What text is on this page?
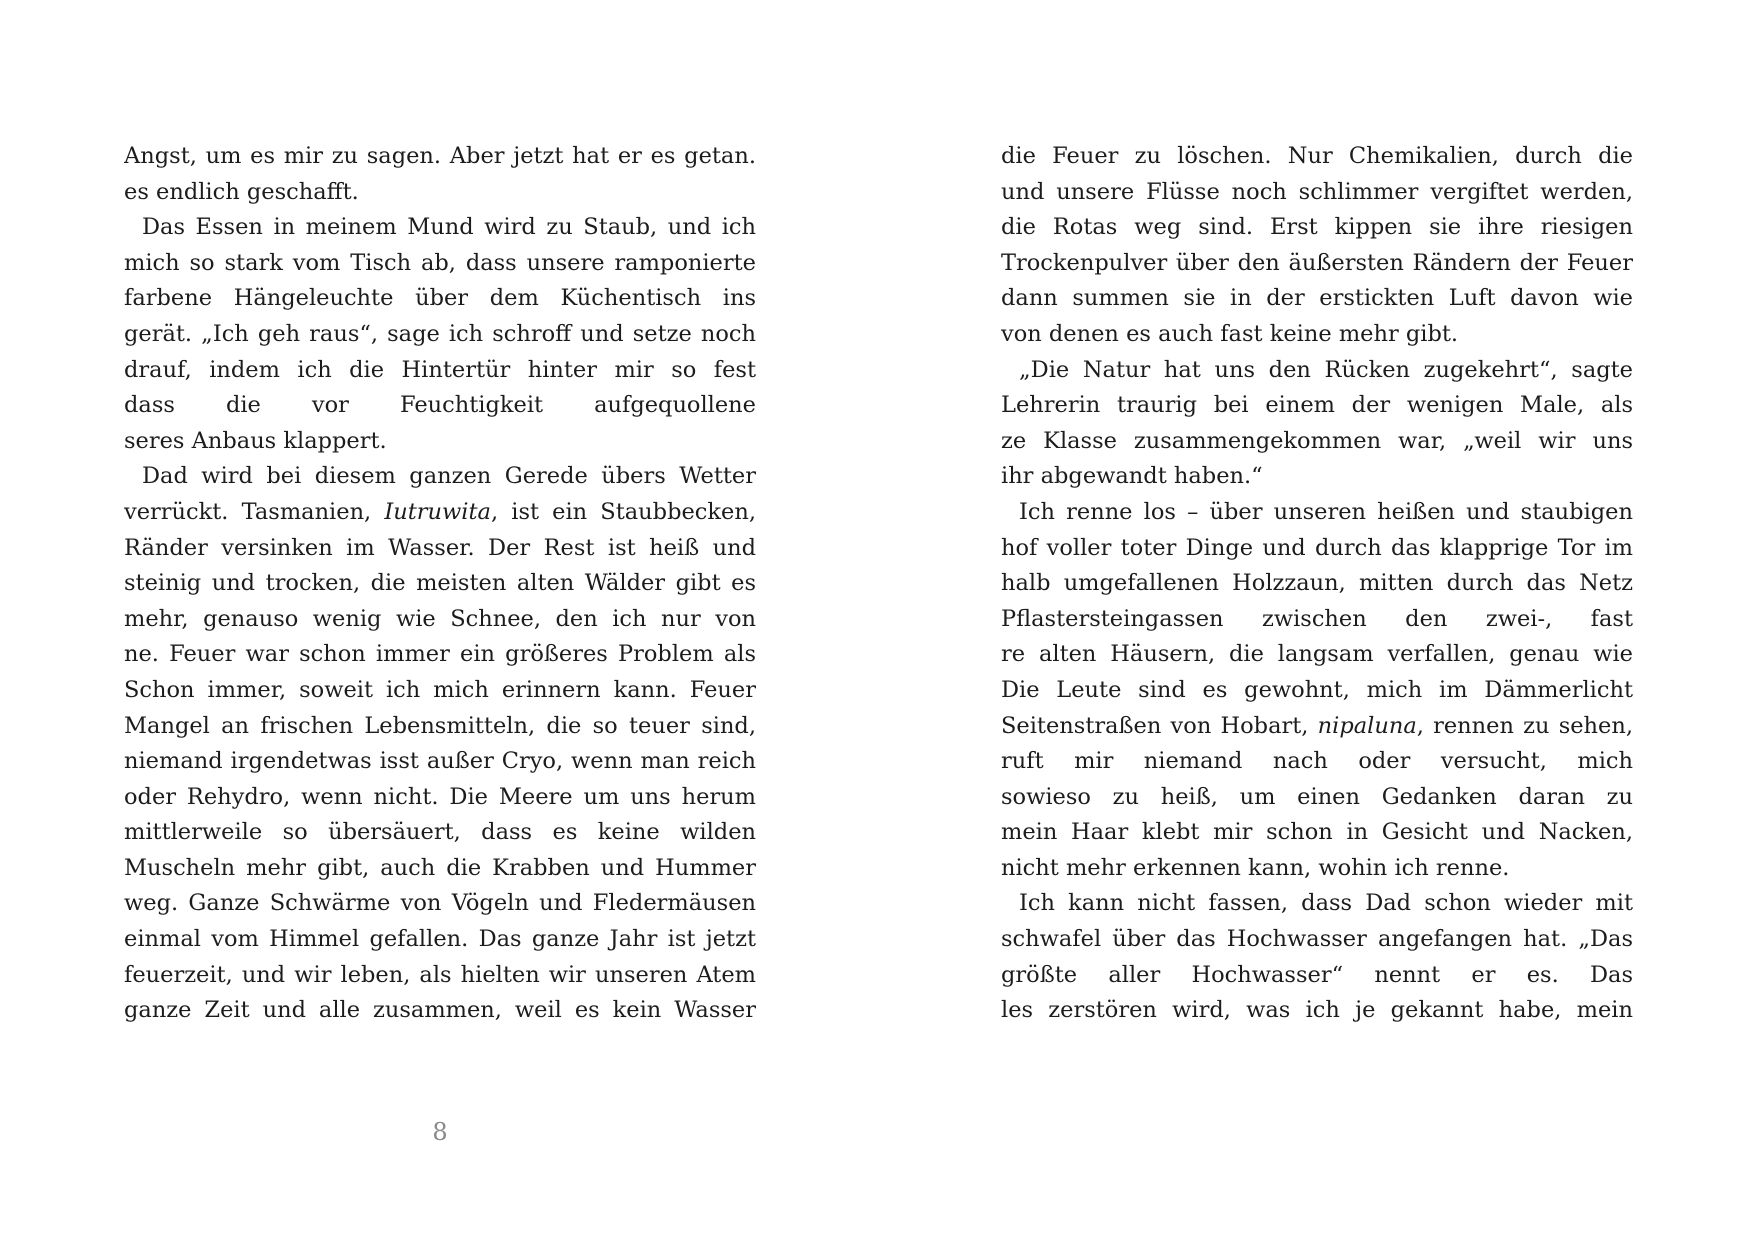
Angst, um es mir zu sagen. Aber jetzt hat er es getan.
es endlich geschafft.
Das Essen in meinem Mund wird zu Staub, und ich
mich so stark vom Tisch ab, dass unsere ramponierte
farbene Hängeleuchte über dem Küchentisch ins
gerät. „Ich geh raus“, sage ich schroff und setze noch
drauf, indem ich die Hintertür hinter mir so fest
dass die vor Feuchtigkeit aufgequollene
seres Anbaus klappert.
Dad wird bei diesem ganzen Gerede übers Wetter
verrückt. Tasmanien, Iutruwita, ist ein Staubbecken,
Ränder versinken im Wasser. Der Rest ist heiß und
steinig und trocken, die meisten alten Wälder gibt es
mehr, genauso wenig wie Schnee, den ich nur von
ne. Feuer war schon immer ein größeres Problem als
Schon immer, soweit ich mich erinnern kann. Feuer
Mangel an frischen Lebensmitteln, die so teuer sind,
niemand irgendetwas isst außer Cryo, wenn man reich
oder Rehydro, wenn nicht. Die Meere um uns herum
mittlerweile so übersäuert, dass es keine wilden
Muscheln mehr gibt, auch die Krabben und Hummer
weg. Ganze Schwärme von Vögeln und Fledermäusen
einmal vom Himmel gefallen. Das ganze Jahr ist jetzt
feuerzeit, und wir leben, als hielten wir unseren Atem
ganze Zeit und alle zusammen, weil es kein Wasser
8
die Feuer zu löschen. Nur Chemikalien, durch die
und unsere Flüsse noch schlimmer vergiftet werden,
die Rotas weg sind. Erst kippen sie ihre riesigen
Trockenpulver über den äußersten Rändern der Feuer
dann summen sie in der erstickten Luft davon wie
von denen es auch fast keine mehr gibt.
„Die Natur hat uns den Rücken zugekehrt“, sagte
Lehrerin traurig bei einem der wenigen Male, als
ze Klasse zusammengekommen war, „weil wir uns
ihr abgewandt haben.“
Ich renne los – über unseren heißen und staubigen
hof voller toter Dinge und durch das klapprige Tor im
halb umgefallenen Holzzaun, mitten durch das Netz
Pflastersteingassen zwischen den zwei-, fast
re alten Häusern, die langsam verfallen, genau wie
Die Leute sind es gewohnt, mich im Dämmerlicht
Seitenstraßen von Hobart, nipaluna, rennen zu sehen,
ruft mir niemand nach oder versucht, mich
sowieso zu heiß, um einen Gedanken daran zu
mein Haar klebt mir schon in Gesicht und Nacken,
nicht mehr erkennen kann, wohin ich renne.
Ich kann nicht fassen, dass Dad schon wieder mit
schwafel über das Hochwasser angefangen hat. „Das
größte aller Hochwasser“ nennt er es. Das
les zerstören wird, was ich je gekannt habe, mein
